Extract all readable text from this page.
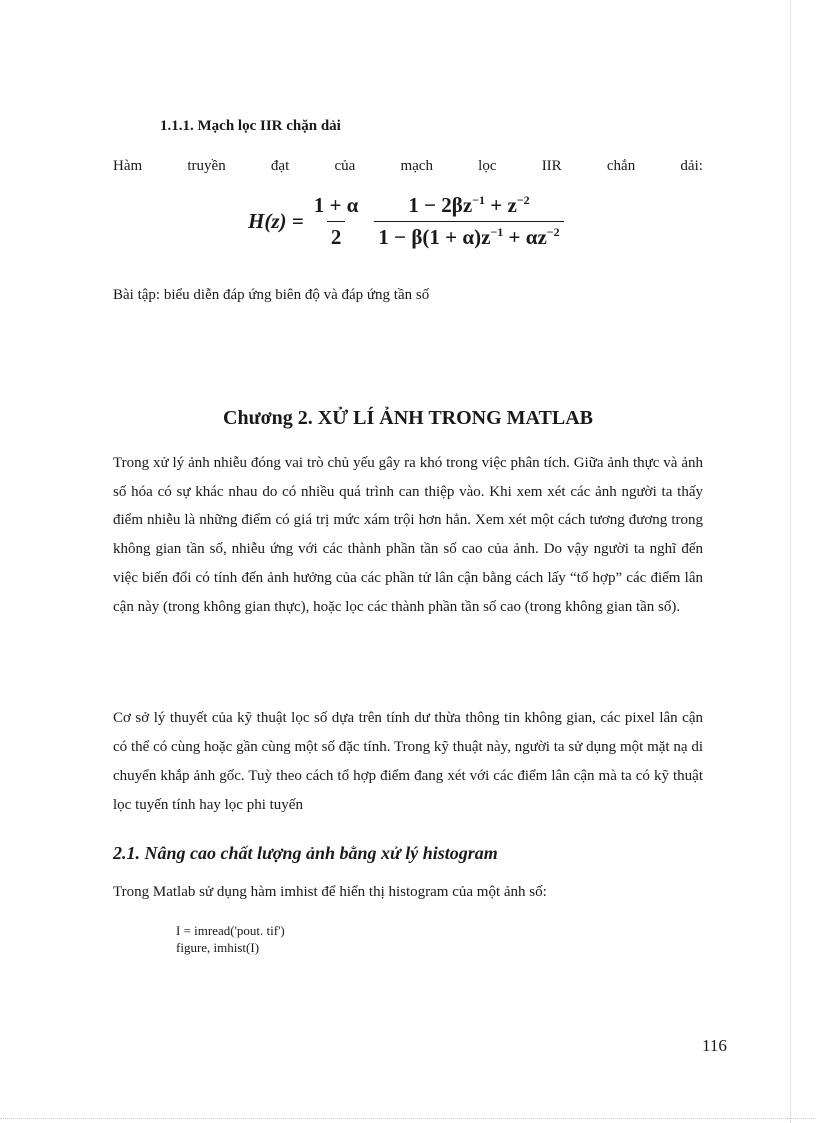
1.1.1. Mạch lọc IIR chặn dải
Hàm	truyền	đạt	của	mạch	lọc	IIR	chắn	dải:
$H(z) = \frac{1 + \alpha}{2} \frac{1 - 2\beta z^{-1} + z^{-2}}{1 - \beta(1 + \alpha)z^{-1} + \alpha z^{-2}}$
Bài tập: biểu diễn đáp ứng biên độ và đáp ứng tần số
Chương 2. XỬ LÍ ẢNH TRONG MATLAB

Trong xử lý ảnh nhiễu đóng vai trò chủ yếu gây ra khó trong việc phân tích. Giữa ảnh thực và ảnh số hóa có sự khác nhau do có nhiều quá trình can thiệp vào. Khi xem xét các ảnh người ta thấy điểm nhiễu là những điểm có giá trị mức xám trội hơn hẳn. Xem xét một cách tương đương trong không gian tần số, nhiễu ứng với các thành phần tần số cao của ảnh. Do vậy người ta nghĩ đến việc biến đổi có tính đến ảnh hưởng của các phần tử lân cận bằng cách lấy “tổ hợp” các điểm lân cận này (trong không gian thực), hoặc lọc các thành phần tần số cao (trong không gian tần số).

Cơ sở lý thuyết của kỹ thuật lọc số dựa trên tính dư thừa thông tin không gian, các pixel lân cận có thể có cùng hoặc gần cùng một số đặc tính. Trong kỹ thuật này, người ta sử dụng một mặt nạ di chuyển khắp ảnh gốc. Tuỳ theo cách tổ hợp điểm đang xét với các điểm lân cận mà ta có kỹ thuật lọc tuyến tính hay lọc phi tuyến

2.1. Nâng cao chất lượng ảnh bằng xử lý histogram
Trong Matlab sử dụng hàm imhist để hiển thị histogram của một ảnh số:
I = imread('pout. tif')
figure, imhist(I)
116
